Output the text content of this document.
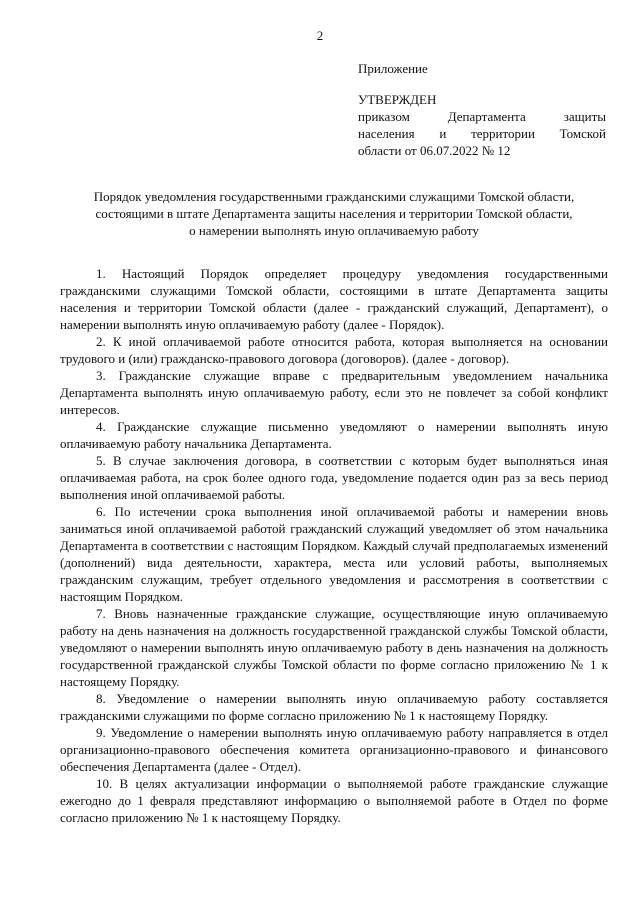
2
Приложение
УТВЕРЖДЕН
приказом Департамента защиты
населения и территории Томской
области от 06.07.2022 № 12
Порядок уведомления государственными гражданскими служащими Томской области,
состоящими в штате Департамента защиты населения и территории Томской области,
о намерении выполнять иную оплачиваемую работу

1. Настоящий Порядок определяет процедуру уведомления государственными гражданскими служащими Томской области, состоящими в штате Департамента защиты населения и территории Томской области (далее - гражданский служащий, Департамент), о намерении выполнять иную оплачиваемую работу (далее - Порядок).

2. К иной оплачиваемой работе относится работа, которая выполняется на основании трудового и (или) гражданско-правового договора (договоров). (далее - договор).

3. Гражданские служащие вправе с предварительным уведомлением начальника Департамента выполнять иную оплачиваемую работу, если это не повлечет за собой конфликт интересов.

4. Гражданские служащие письменно уведомляют о намерении выполнять иную оплачиваемую работу начальника Департамента.

5. В случае заключения договора, в соответствии с которым будет выполняться иная оплачиваемая работа, на срок более одного года, уведомление подается один раз за весь период выполнения иной оплачиваемой работы.

6. По истечении срока выполнения иной оплачиваемой работы и намерении вновь заниматься иной оплачиваемой работой гражданский служащий уведомляет об этом начальника Департамента в соответствии с настоящим Порядком. Каждый случай предполагаемых изменений (дополнений) вида деятельности, характера, места или условий работы, выполняемых гражданским служащим, требует отдельного уведомления и рассмотрения в соответствии с настоящим Порядком.

7. Вновь назначенные гражданские служащие, осуществляющие иную оплачиваемую работу на день назначения на должность государственной гражданской службы Томской области, уведомляют о намерении выполнять иную оплачиваемую работу в день назначения на должность государственной гражданской службы Томской области по форме согласно приложению № 1 к настоящему Порядку.

8. Уведомление о намерении выполнять иную оплачиваемую работу составляется гражданскими служащими по форме согласно приложению № 1 к настоящему Порядку.

9. Уведомление о намерении выполнять иную оплачиваемую работу направляется в отдел организационно-правового обеспечения комитета организационно-правового и финансового обеспечения Департамента (далее - Отдел).

10. В целях актуализации информации о выполняемой работе гражданские служащие ежегодно до 1 февраля представляют информацию о выполняемой работе в Отдел по форме согласно приложению № 1 к настоящему Порядку.
